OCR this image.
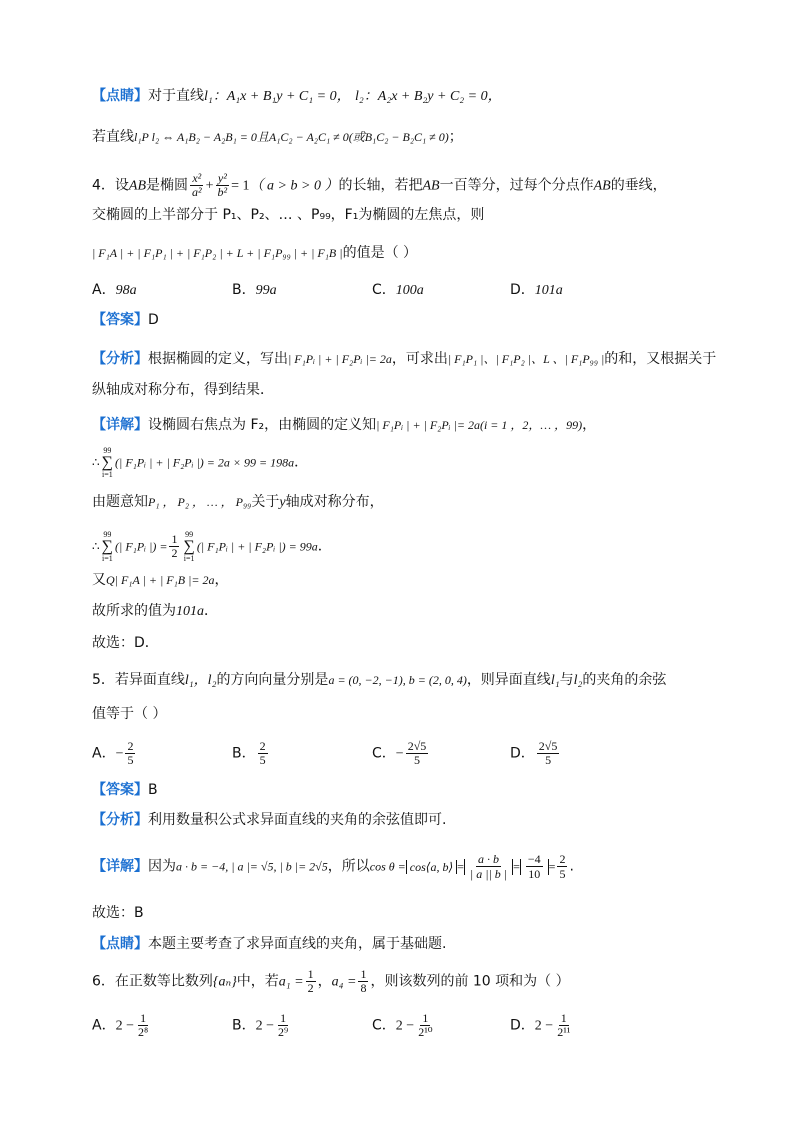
【点睛】对于直线l₁：A₁x + B₁y + C₁ = 0， l₂：A₂x + B₂y + C₂ = 0，
若直线l₁P l₂ ⇔ A₁B₂ − A₂B₁ = 0且A₁C₂ − A₂C₁ ≠ 0(或B₁C₂ − B₂C₁ ≠ 0)；
4．设AB是椭圆 $\frac{\text{x²}}{\text{a²}} + \frac{\text{y²}}{\text{b²}} = 1$（ a > b > 0 ）的长轴，若把AB一百等分，过每个分点作AB的垂线，
交椭圆的上半部分于 P₁、P₂、… 、P₉₉，F₁为椭圆的左焦点，则
| F₁A | + | F₁P₁ | + | F₁P₂ | + L + | F₁P₉₉ | + | F₁B |的值是（ ）
A．98a	B．99a	C．100a	D．101a
【答案】D
【分析】根据椭圆的定义，写出| F₁Pᵢ | + | F₂Pᵢ |= 2a，可求出| F₁P₁ |、| F₁P₂ |、L 、| F₁P₉₉ |的和，又根据关于
纵轴成对称分布，得到结果．
【详解】设椭圆右焦点为 F₂，由椭圆的定义知| F₁Pᵢ | + | F₂Pᵢ |= 2a(i = 1 ，2，… ，99)，
∴
99
∑
i=1
(| F₁Pᵢ | + | F₂Pᵢ |) = 2a × 99 = 198a．
由题意知P₁ ， P₂ ， … ， P₉₉关于y轴成对称分布，
∴
99
∑
i=1
(| F₁Pᵢ |) = $\frac{1}{2} 99$
∑
i=1
(| F₁Pᵢ | + | F₂Pᵢ |) = 99a．
又Q| F₁A | + | F₁B |= 2a，
故所求的值为101a．
故选：D．
5．若异面直线l₁，l₂的方向向量分别是a = (0, −2, −1), b = (2, 0, 4)，则异面直线l₁与l₂的夹角的余弦
值等于（ ）
A．− $\frac{2}{5}$	B． $\frac{2}{5}$	C．− $\frac{2√5}{5}$	D． $\frac{2√5}{5}$
【答案】B
【分析】利用数量积公式求异面直线的夹角的余弦值即可.
【详解】因为a · b = −4, | a |= √5, | b |= 2√5，所以cos θ = cos⟨a, b⟩ = $\frac{a \cdot b}{| a || b |} = \frac{-4}{10} = \frac{2}{5}$ .
故选：B
【点睛】本题主要考查了求异面直线的夹角，属于基础题.
6．在正数等比数列{aₙ}中，若$a_1 = \frac{1}{2}$ ，$a_4 = \frac{1}{8}$ ，则该数列的前 10 项和为（ ）
A．$2 - \frac{1}{\text{2⁸}}$	B．$2 - \frac{1}{\text{2⁹}}$	C．$2 - \frac{1}{\text{2¹⁰}}$	D．$2 - \frac{1}{\text{2¹¹}}$
